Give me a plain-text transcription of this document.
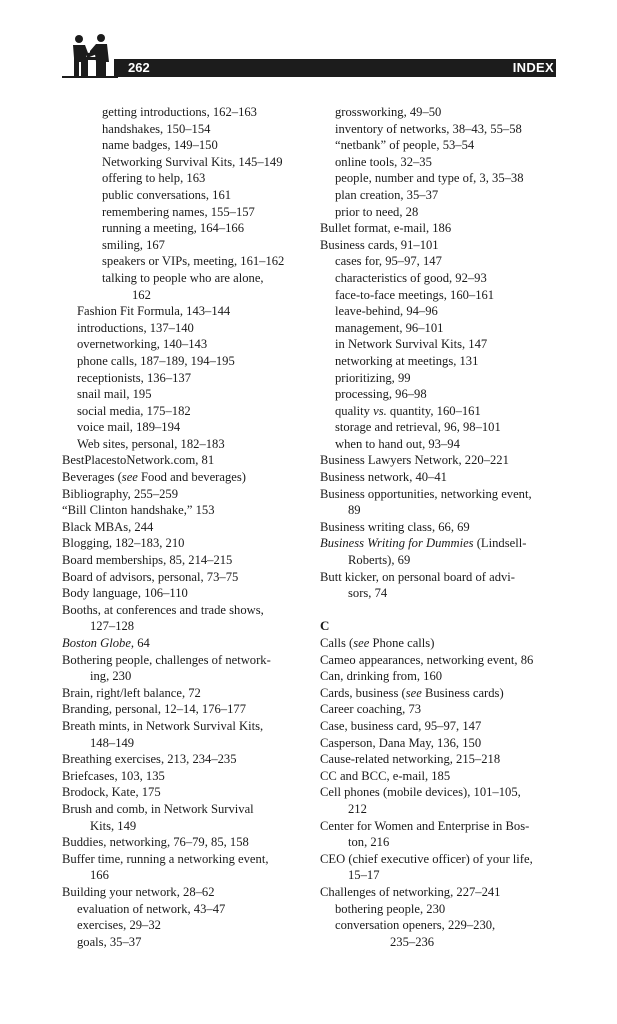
262	INDEX
getting introductions, 162–163
handshakes, 150–154
name badges, 149–150
Networking Survival Kits, 145–149
offering to help, 163
public conversations, 161
remembering names, 155–157
running a meeting, 164–166
smiling, 167
speakers or VIPs, meeting, 161–162
talking to people who are alone,
162
Fashion Fit Formula, 143–144
introductions, 137–140
overnetworking, 140–143
phone calls, 187–189, 194–195
receptionists, 136–137
snail mail, 195
social media, 175–182
voice mail, 189–194
Web sites, personal, 182–183
BestPlacestoNetwork.com, 81
Beverages (see Food and beverages)
Bibliography, 255–259
“Bill Clinton handshake,” 153
Black MBAs, 244
Blogging, 182–183, 210
Board memberships, 85, 214–215
Board of advisors, personal, 73–75
Body language, 106–110
Booths, at conferences and trade shows,
127–128
Boston Globe, 64
Bothering people, challenges of network-
ing, 230
Brain, right/left balance, 72
Branding, personal, 12–14, 176–177
Breath mints, in Network Survival Kits,
148–149
Breathing exercises, 213, 234–235
Briefcases, 103, 135
Brodock, Kate, 175
Brush and comb, in Network Survival
Kits, 149
Buddies, networking, 76–79, 85, 158
Buffer time, running a networking event,
166
Building your network, 28–62
evaluation of network, 43–47
exercises, 29–32
goals, 35–37
grossworking, 49–50
inventory of networks, 38–43, 55–58
“netbank” of people, 53–54
online tools, 32–35
people, number and type of, 3, 35–38
plan creation, 35–37
prior to need, 28
Bullet format, e-mail, 186
Business cards, 91–101
cases for, 95–97, 147
characteristics of good, 92–93
face-to-face meetings, 160–161
leave-behind, 94–96
management, 96–101
in Network Survival Kits, 147
networking at meetings, 131
prioritizing, 99
processing, 96–98
quality vs. quantity, 160–161
storage and retrieval, 96, 98–101
when to hand out, 93–94
Business Lawyers Network, 220–221
Business network, 40–41
Business opportunities, networking event,
89
Business writing class, 66, 69
Business Writing for Dummies (Lindsell-
Roberts), 69
Butt kicker, on personal board of advi-
sors, 74
C
Calls (see Phone calls)
Cameo appearances, networking event, 86
Can, drinking from, 160
Cards, business (see Business cards)
Career coaching, 73
Case, business card, 95–97, 147
Casperson, Dana May, 136, 150
Cause-related networking, 215–218
CC and BCC, e-mail, 185
Cell phones (mobile devices), 101–105,
212
Center for Women and Enterprise in Bos-
ton, 216
CEO (chief executive officer) of your life,
15–17
Challenges of networking, 227–241
bothering people, 230
conversation openers, 229–230,
235–236
